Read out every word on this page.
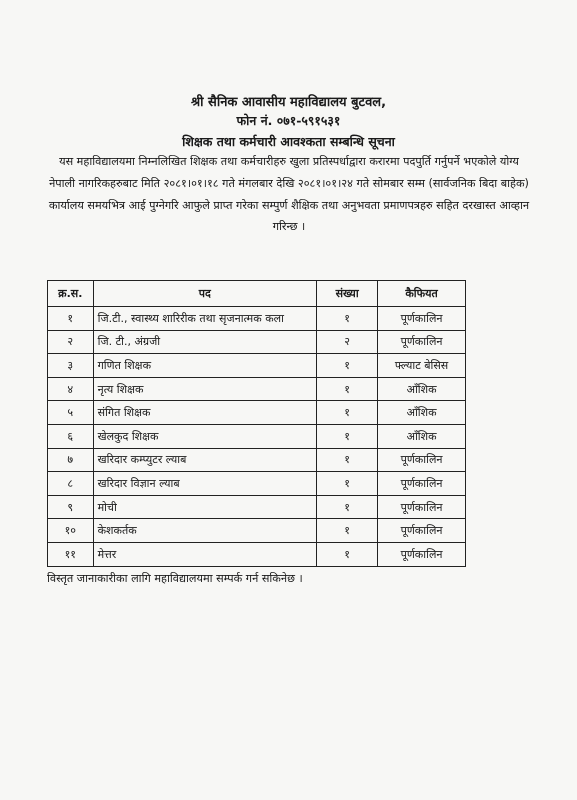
श्री सैनिक आवासीय महाविद्यालय बुटवल,
फोन नं. ०७१-५९१५३१
शिक्षक तथा कर्मचारी आवश्कता सम्बन्धि सूचना
यस महाविद्यालयमा निम्नलिखित शिक्षक तथा कर्मचारीहरु खुला प्रतिस्पर्धाद्वारा करारमा पदपुर्ति गर्नुपर्ने भएकोले योग्य नेपाली नागरिकहरुबाट मिति २०८१।०१।१८ गते मंगलबार देखि २०८१।०१।२४ गते सोमबार सम्म (सार्वजनिक बिदा बाहेक) कार्यालय समयभित्र आई पुग्नेगरि आफुले प्राप्त गरेका सम्पुर्ण शैक्षिक तथा अनुभवता प्रमाणपत्रहरु सहित दरखास्त आव्हान गरिन्छ ।
क्र.स.	पद	संख्या	कैफियत
१	जि.टी., स्वास्थ्य शारिरीक तथा सृजनात्मक कला	१	पूर्णकालिन
२	जि. टी., अंग्रजी	२	पूर्णकालिन
३	गणित शिक्षक	१	फ्ल्याट बेसिस
४	नृत्य शिक्षक	१	आँशिक
५	संगित शिक्षक	१	आँशिक
६	खेलकुद शिक्षक	१	आँशिक
७	खरिदार कम्प्युटर ल्याब	१	पूर्णकालिन
८	खरिदार विज्ञान ल्याब	१	पूर्णकालिन
९	मोची	१	पूर्णकालिन
१०	केशकर्तक	१	पूर्णकालिन
११	मेत्तर	१	पूर्णकालिन
विस्तृत जानाकारीका लागि महाविद्यालयमा सम्पर्क गर्न सकिनेछ ।
